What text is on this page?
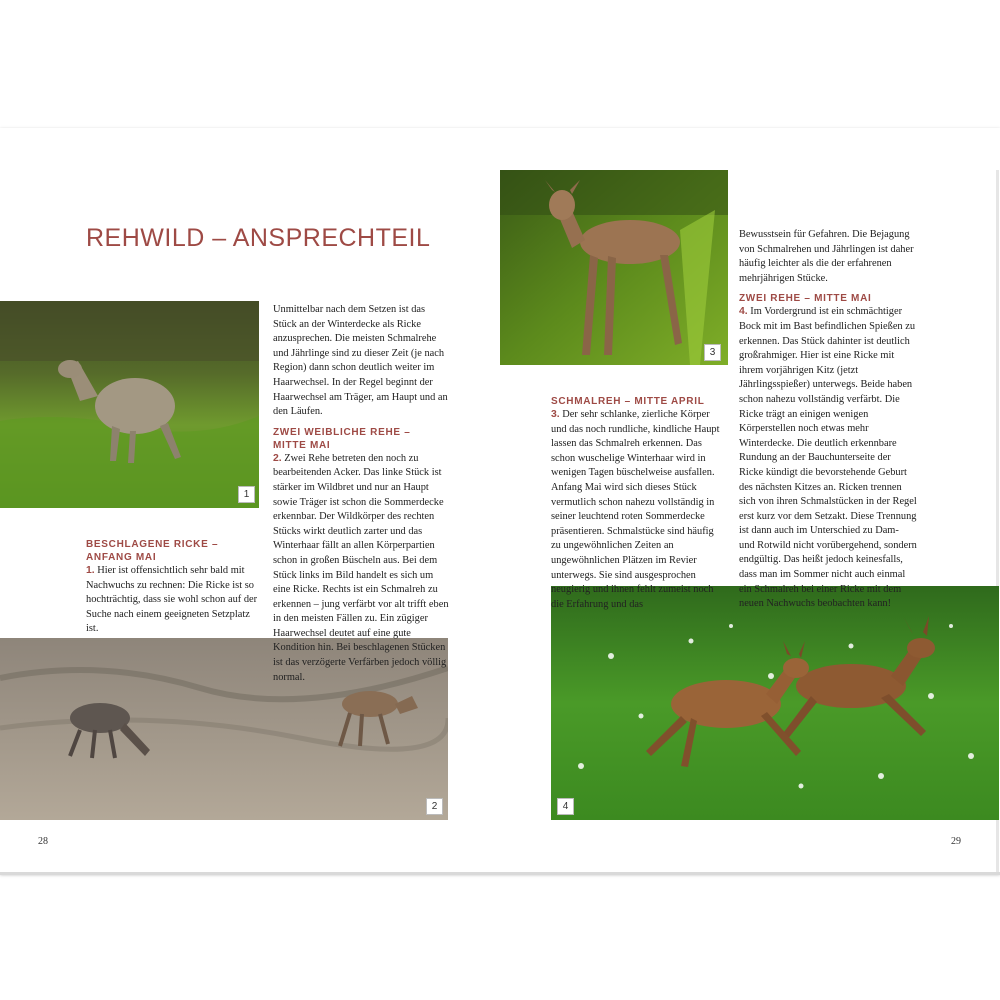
REHWILD – ANSPRECHTEIL
1
2
3
4

BESCHLAGENE RICKE –

ANFANG MAI

1. Hier ist offensichtlich sehr bald mit Nachwuchs zu rechnen: Die Ricke ist so hochträchtig, dass sie wohl schon auf der Suche nach einem geeigneten Setzplatz ist.

Unmittelbar nach dem Setzen ist das Stück an der Winterdecke als Ricke anzusprechen. Die meisten Schmalrehe und Jährlinge sind zu dieser Zeit (je nach Region) dann schon deutlich weiter im Haarwechsel. In der Regel beginnt der Haarwechsel am Träger, am Haupt und an den Läufen.

ZWEI WEIBLICHE REHE –

MITTE MAI

2. Zwei Rehe betreten den noch zu bearbeitenden Acker. Das linke Stück ist stärker im Wildbret und nur an Haupt sowie Träger ist schon die Sommerdecke erkennbar. Der Wildkörper des rechten Stücks wirkt deutlich zarter und das Winterhaar fällt an allen Körperpartien schon in großen Büscheln aus. Bei dem Stück links im Bild handelt es sich um eine Ricke. Rechts ist ein Schmalreh zu erkennen – jung verfärbt vor alt trifft eben in den meisten Fällen zu. Ein zügiger Haarwechsel deutet auf eine gute Kondition hin. Bei beschlagenen Stücken ist das verzögerte Verfärben jedoch völlig normal.

SCHMALREH – MITTE APRIL

3. Der sehr schlanke, zierliche Körper und das noch rundliche, kindliche Haupt lassen das Schmalreh erkennen. Das schon wuschelige Winterhaar wird in wenigen Tagen büschelweise ausfallen. Anfang Mai wird sich dieses Stück vermutlich schon nahezu vollständig in seiner leuchtend roten Sommerdecke präsentieren. Schmalstücke sind häufig zu ungewöhnlichen Zeiten an ungewöhnlichen Plätzen im Revier unterwegs. Sie sind ausgesprochen neugierig und ihnen fehlt zumeist noch die Erfahrung und das

Bewusstsein für Gefahren. Die Bejagung von Schmalrehen und Jährlingen ist daher häufig leichter als die der erfahrenen mehrjährigen Stücke.

ZWEI REHE – MITTE MAI

4. Im Vordergrund ist ein schmächtiger Bock mit im Bast befindlichen Spießen zu erkennen. Das Stück dahinter ist deutlich großrahmiger. Hier ist eine Ricke mit ihrem vorjährigen Kitz (jetzt Jährlingsspießer) unterwegs. Beide haben schon nahezu vollständig verfärbt. Die Ricke trägt an einigen wenigen Körperstellen noch etwas mehr Winterdecke. Die deutlich erkennbare Rundung an der Bauchunterseite der Ricke kündigt die bevorstehende Geburt des nächsten Kitzes an. Ricken trennen sich von ihren Schmalstücken in der Regel erst kurz vor dem Setzakt. Diese Trennung ist dann auch im Unterschied zu Dam- und Rotwild nicht vorübergehend, sondern endgültig. Das heißt jedoch keinesfalls, dass man im Sommer nicht auch einmal ein Schmalreh bei einer Ricke mit dem neuen Nachwuchs beobachten kann!

28	29
